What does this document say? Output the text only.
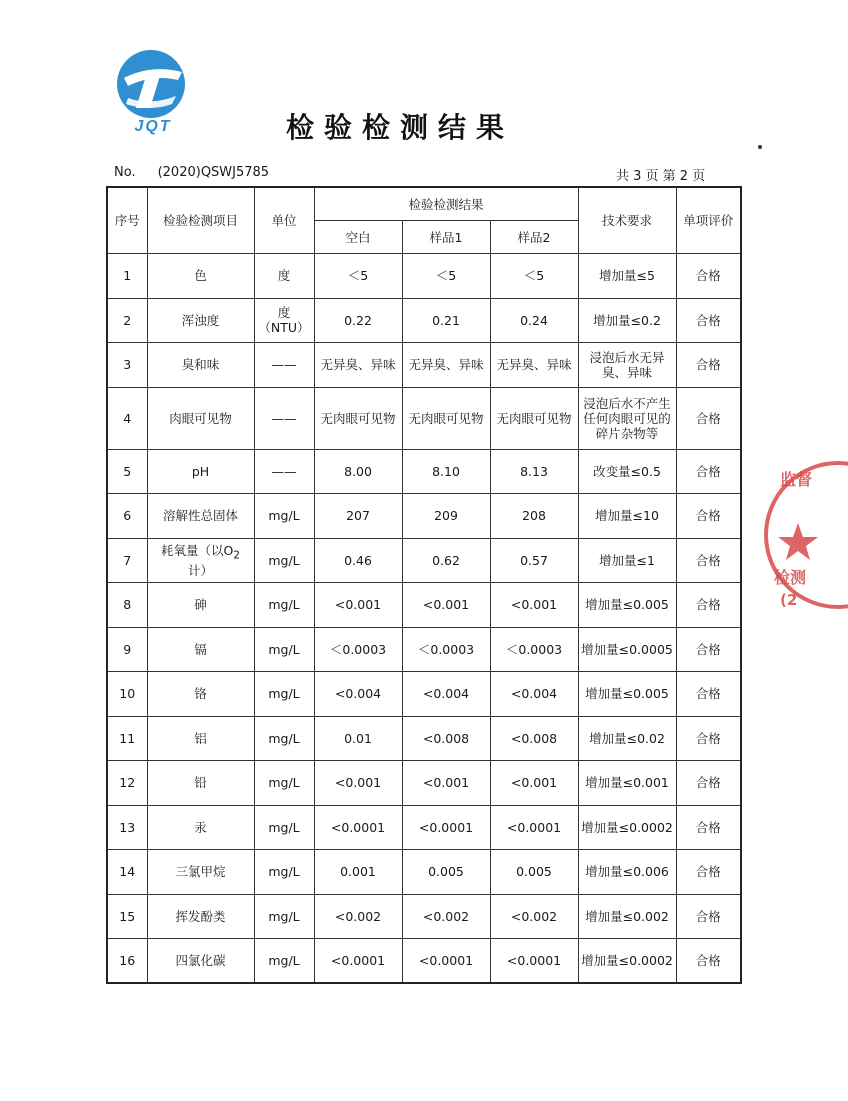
JQT	检验检测结果
No. (2020)QSWJ5785	共 3 页 第 2 页
序号	检验检测项目	单位	检验检测结果			技术要求	单项评价
			空白	样品1	样品2		
1	色	度	＜5	＜5	＜5	增加量≤5	合格
2	浑浊度	度（NTU）	0.22	0.21	0.24	增加量≤0.2	合格
3	臭和味	——	无异臭、异味	无异臭、异味	无异臭、异味	浸泡后水无异臭、异味	合格
4	肉眼可见物	——	无肉眼可见物	无肉眼可见物	无肉眼可见物	浸泡后水不产生任何肉眼可见的碎片杂物等	合格
5	pH	——	8.00	8.10	8.13	改变量≤0.5	合格
6	溶解性总固体	mg/L	207	209	208	增加量≤10	合格
7	耗氧量（以$O_2$
计）	mg/L	0.46	0.62	0.57	增加量≤1	合格
8	砷	mg/L	<0.001	<0.001	<0.001	增加量≤0.005	合格
9	镉	mg/L	＜0.0003	＜0.0003	＜0.0003	增加量≤0.0005	合格
10	铬	mg/L	<0.004	<0.004	<0.004	增加量≤0.005	合格
11	铝	mg/L	0.01	<0.008	<0.008	增加量≤0.02	合格
12	铅	mg/L	<0.001	<0.001	<0.001	增加量≤0.001	合格
13	汞	mg/L	<0.0001	<0.0001	<0.0001	增加量≤0.0002	合格
14	三氯甲烷	mg/L	0.001	0.005	0.005	增加量≤0.006	合格
15	挥发酚类	mg/L	<0.002	<0.002	<0.002	增加量≤0.002	合格
16	四氯化碳	mg/L	<0.0001	<0.0001	<0.0001	增加量≤0.0002	合格
监督
检测
(2
